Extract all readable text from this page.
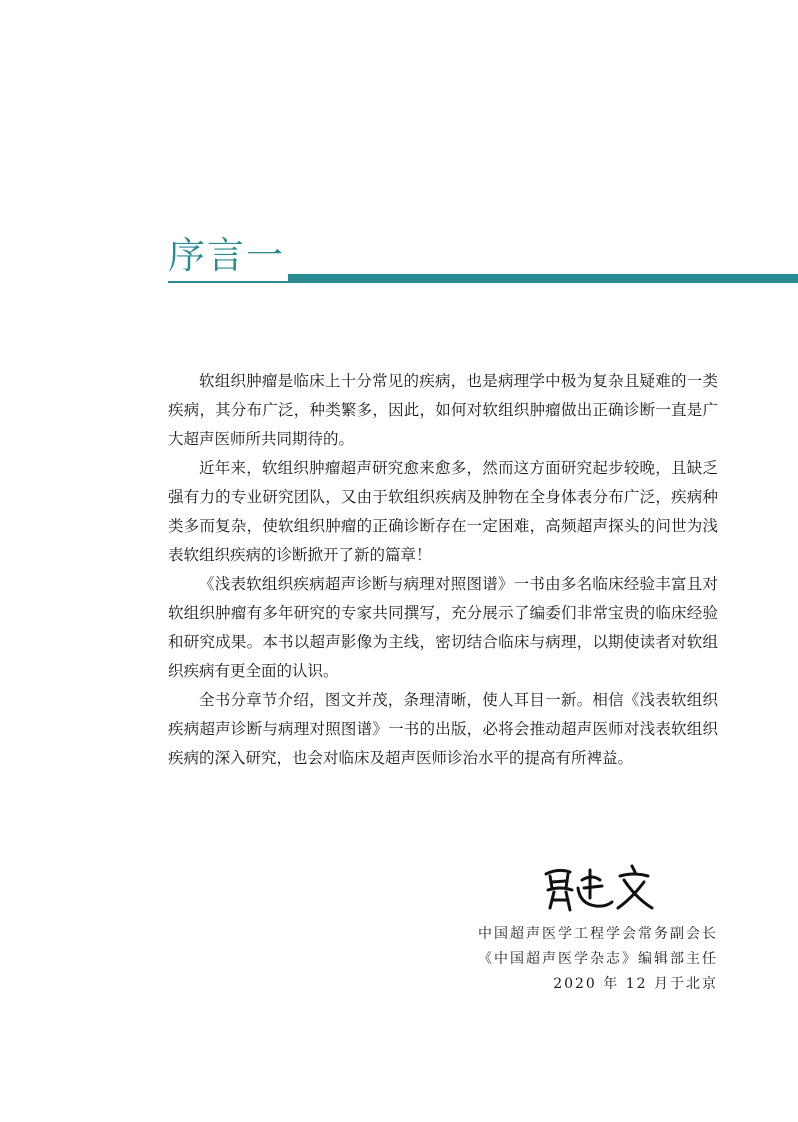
序言一

软组织肿瘤是临床上十分常见的疾病，也是病理学中极为复杂且疑难的一类疾病，其分布广泛，种类繁多，因此，如何对软组织肿瘤做出正确诊断一直是广大超声医师所共同期待的。

近年来，软组织肿瘤超声研究愈来愈多，然而这方面研究起步较晚，且缺乏强有力的专业研究团队，又由于软组织疾病及肿物在全身体表分布广泛，疾病种类多而复杂，使软组织肿瘤的正确诊断存在一定困难，高频超声探头的问世为浅表软组织疾病的诊断掀开了新的篇章！

《浅表软组织疾病超声诊断与病理对照图谱》一书由多名临床经验丰富且对软组织肿瘤有多年研究的专家共同撰写，充分展示了编委们非常宝贵的临床经验和研究成果。本书以超声影像为主线，密切结合临床与病理，以期使读者对软组织疾病有更全面的认识。

全书分章节介绍，图文并茂，条理清晰，使人耳目一新。相信《浅表软组织疾病超声诊断与病理对照图谱》一书的出版，必将会推动超声医师对浅表软组织疾病的深入研究，也会对临床及超声医师诊治水平的提高有所裨益。

中国超声医学工程学会常务副会长
《中国超声医学杂志》编辑部主任
2020 年 12 月于北京
